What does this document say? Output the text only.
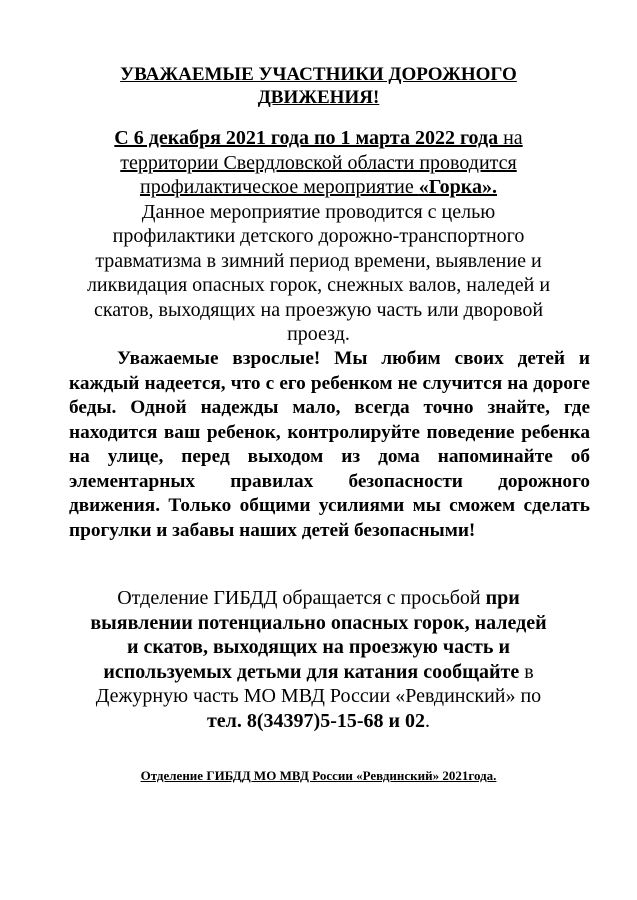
УВАЖАЕМЫЕ УЧАСТНИКИ ДОРОЖНОГО
ДВИЖЕНИЯ!
С 6 декабря 2021 года по 1 марта 2022 года на
территории Свердловской области проводится
профилактическое мероприятие «Горка».
Данное мероприятие проводится с целью
профилактики детского дорожно-транспортного
травматизма в зимний период времени, выявление и
ликвидация опасных горок, снежных валов, наледей и
скатов, выходящих на проезжую часть или дворовой
проезд.
Уважаемые взрослые! Мы любим своих детей и каждый надеется, что с его ребенком не случится на дороге беды. Одной надежды мало, всегда точно знайте, где находится ваш ребенок, контролируйте поведение ребенка на улице, перед выходом из дома напоминайте об элементарных правилах безопасности дорожного движения. Только общими усилиями мы сможем сделать прогулки и забавы наших детей безопасными!
Отделение ГИБДД обращается с просьбой при
выявлении потенциально опасных горок, наледей
и скатов, выходящих на проезжую часть и
используемых детьми для катания сообщайте в
Дежурную часть МО МВД России «Ревдинский» по
тел. 8(34397)5-15-68 и 02.
Отделение ГИБДД МО МВД России «Ревдинский» 2021года.
